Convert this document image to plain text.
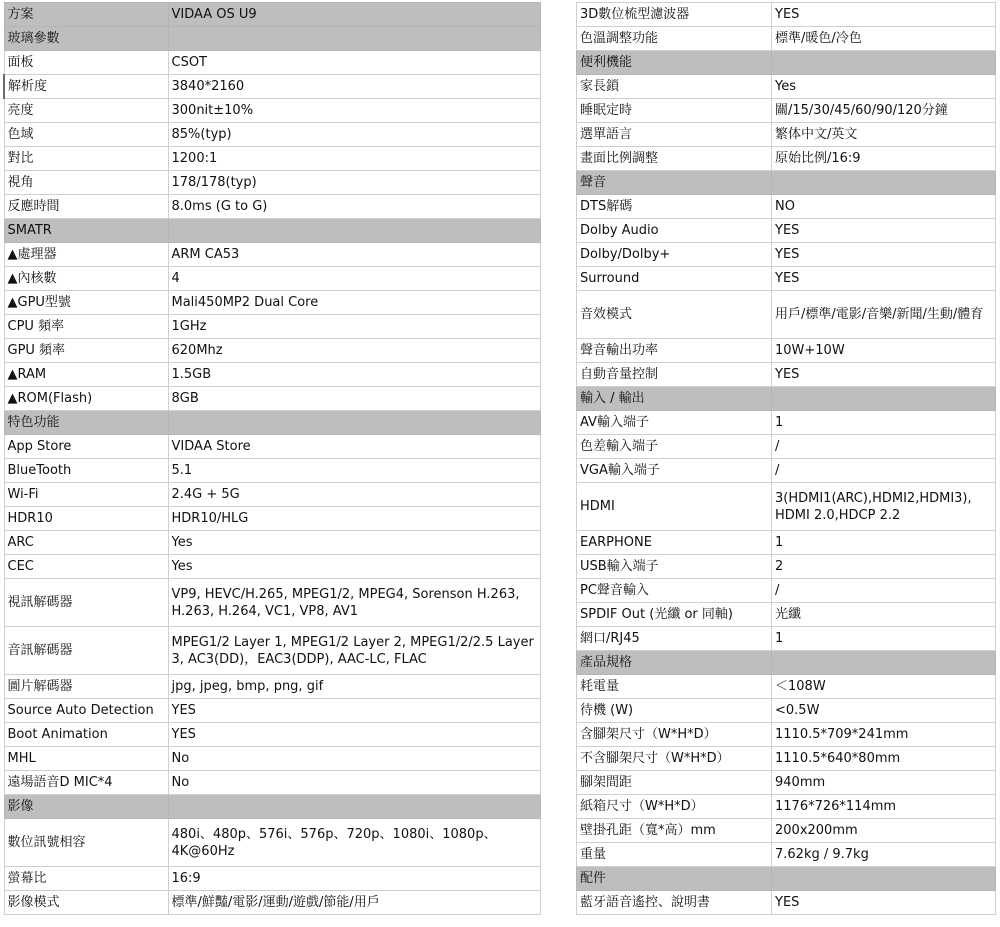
方案	VIDAA OS U9
玻璃參數	
面板	CSOT
解析度	3840*2160
亮度	300nit±10%
色域	85%(typ)
對比	1200:1
視角	178/178(typ)
反應時間	8.0ms (G to G)
SMATR	
▲處理器	ARM CA53
▲內核數	4
▲GPU型號	Mali450MP2 Dual Core
CPU 頻率	1GHz
GPU 頻率	620Mhz
▲RAM	1.5GB
▲ROM(Flash)	8GB
特色功能	
App Store	VIDAA Store
BlueTooth	5.1
Wi-Fi	2.4G + 5G
HDR10	HDR10/HLG
ARC	Yes
CEC	Yes
視訊解碼器	VP9, HEVC/H.265, MPEG1/2, MPEG4, Sorenson H.263, H.263, H.264, VC1, VP8, AV1
音訊解碼器	MPEG1/2 Layer 1, MPEG1/2 Layer 2, MPEG1/2/2.5 Layer 3, AC3(DD)，EAC3(DDP), AAC-LC, FLAC
圖片解碼器	jpg, jpeg, bmp, png, gif
Source Auto Detection	YES
Boot Animation	YES
MHL	No
遠場語音D MIC*4	No
影像	
數位訊號相容	480i、480p、576i、576p、720p、1080i、1080p、4K@60Hz
螢幕比	16:9
影像模式	標準/鮮豔/電影/運動/遊戲/節能/用戶
3D數位梳型濾波器	YES
色溫調整功能	標準/暖色/冷色
便利機能	
家長鎖	Yes
睡眠定時	關/15/30/45/60/90/120分鐘
選單語言	繁体中文/英文
畫面比例調整	原始比例/16:9
聲音	
DTS解碼	NO
Dolby Audio	YES
Dolby/Dolby+	YES
Surround	YES
音效模式	用戶/標準/電影/音樂/新聞/生動/體育
聲音輸出功率	10W+10W
自動音量控制	YES
輸入 / 輸出	
AV輸入端子	1
色差輸入端子	/
VGA輸入端子	/
HDMI	3(HDMI1(ARC),HDMI2,HDMI3), HDMI 2.0,HDCP 2.2
EARPHONE	1
USB輸入端子	2
PC聲音輸入	/
SPDIF Out (光纖 or 同軸)	光纖
網口/RJ45	1
產品規格	
耗電量	＜108W
待機 (W)	<0.5W
含腳架尺寸（W*H*D）	1110.5*709*241mm
不含腳架尺寸（W*H*D）	1110.5*640*80mm
腳架間距	940mm
紙箱尺寸（W*H*D）	1176*726*114mm
壁掛孔距（寬*高）mm	200x200mm
重量	7.62kg / 9.7kg
配件	
藍牙語音遙控、說明書	YES
